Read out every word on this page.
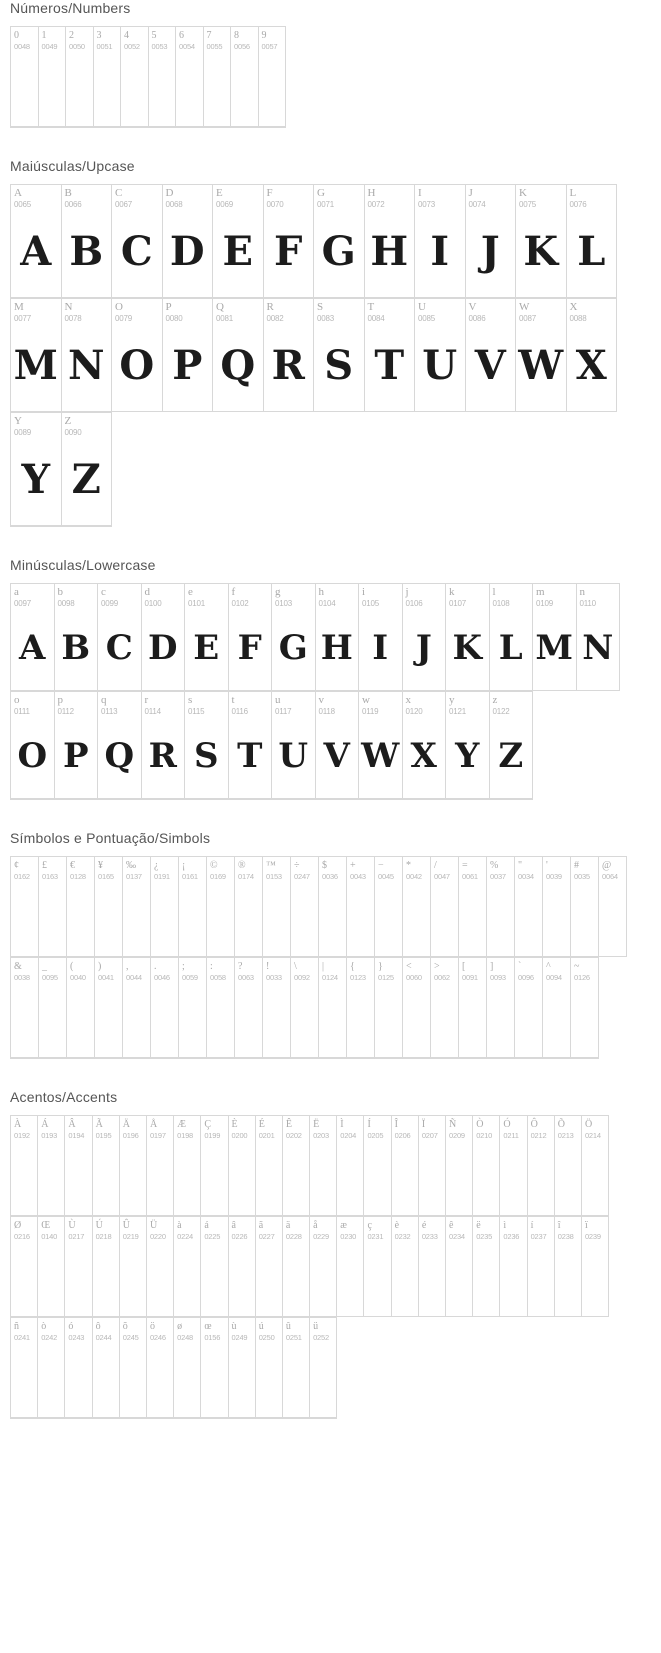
Números/Numbers
0
0048
1
0049
2
0050
3
0051
4
0052
5
0053
6
0054
7
0055
8
0056
9
0057
Maiúsculas/Upcase
A
0065
A
B
0066
B
C
0067
C
D
0068
D
E
0069
E
F
0070
F
G
0071
G
H
0072
H
I
0073
I
J
0074
J
K
0075
K
L
0076
L
M
0077
M
N
0078
N
O
0079
O
P
0080
P
Q
0081
Q
R
0082
R
S
0083
S
T
0084
T
U
0085
U
V
0086
V
W
0087
W
X
0088
X
Y
0089
Y
Z
0090
Z
Minúsculas/Lowercase
a
0097
A
b
0098
B
c
0099
C
d
0100
D
e
0101
E
f
0102
F
g
0103
G
h
0104
H
i
0105
I
j
0106
J
k
0107
K
l
0108
L
m
0109
M
n
0110
N
o
0111
O
p
0112
P
q
0113
Q
r
0114
R
s
0115
S
t
0116
T
u
0117
U
v
0118
V
w
0119
W
x
0120
X
y
0121
Y
z
0122
Z
Símbolos e Pontuação/Simbols
¢
0162
£
0163
€
0128
¥
0165
‰
0137
¿
0191
¡
0161
©
0169
®
0174
™
0153
÷
0247
$
0036
+
0043
−
0045
*
0042
/
0047
=
0061
%
0037
"
0034
'
0039
#
0035
@
0064
&
0038
_
0095
(
0040
)
0041
,
0044
.
0046
;
0059
:
0058
?
0063
!
0033
\
0092
|
0124
{
0123
}
0125
<
0060
>
0062
[
0091
]
0093
`
0096
^
0094
~
0126
Acentos/Accents
À
0192
Á
0193
Â
0194
Ã
0195
Ä
0196
Å
0197
Æ
0198
Ç
0199
È
0200
É
0201
Ê
0202
Ë
0203
Ì
0204
Í
0205
Î
0206
Ï
0207
Ñ
0209
Ò
0210
Ó
0211
Ô
0212
Õ
0213
Ö
0214
Ø
0216
Œ
0140
Ù
0217
Ú
0218
Û
0219
Ü
0220
à
0224
á
0225
â
0226
ã
0227
ä
0228
å
0229
æ
0230
ç
0231
è
0232
é
0233
ê
0234
ë
0235
ì
0236
í
0237
î
0238
ï
0239
ñ
0241
ò
0242
ó
0243
ô
0244
õ
0245
ö
0246
ø
0248
œ
0156
ù
0249
ú
0250
û
0251
ü
0252
